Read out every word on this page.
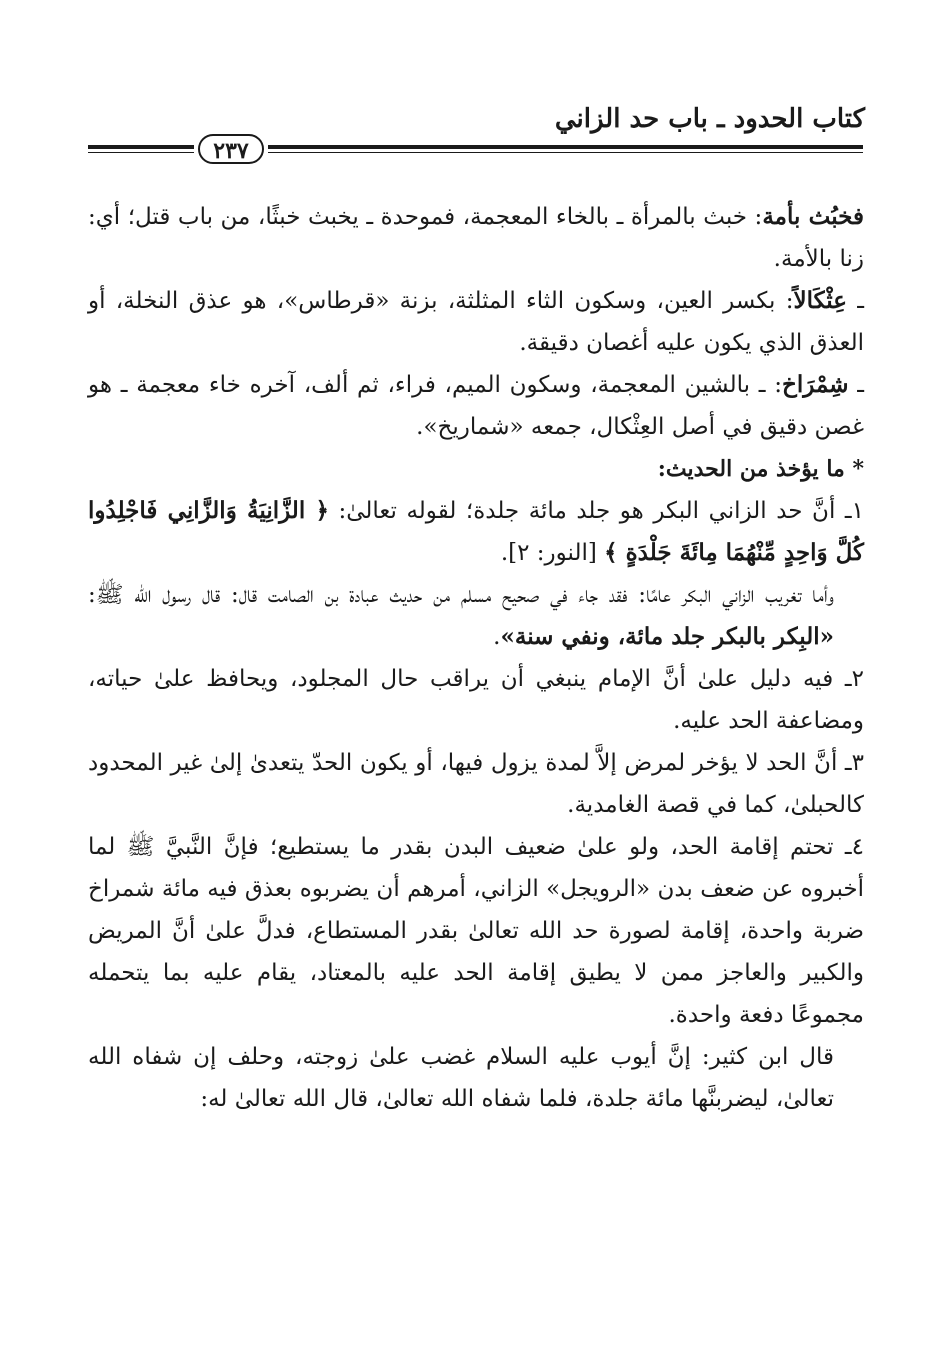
كتاب الحدود ـ باب حد الزاني
٢٣٧

فخبُث بأمة: خبث بالمرأة ـ بالخاء المعجمة، فموحدة ـ يخبث خبثًا، من باب قتل؛ أي: زنا بالأمة.

ـ عِثْكَالاً: بكسر العين، وسكون الثاء المثلثة، بزنة «قرطاس»، هو عذق النخلة، أو العذق الذي يكون عليه أغصان دقيقة.

ـ شِمْرَاخ: ـ بالشين المعجمة، وسكون الميم، فراء، ثم ألف، آخره خاء معجمة ـ هو غصن دقيق في أصل العِثْكال، جمعه «شماريخ».

* ما يؤخذ من الحديث:

١ـ أنَّ حد الزاني البكر هو جلد مائة جلدة؛ لقوله تعالىٰ: ﴿ الزَّانِيَةُ وَالزَّانِي فَاجْلِدُوا كُلَّ وَاحِدٍ مِّنْهُمَا مِائَةَ جَلْدَةٍ ﴾ [النور: ٢].

وأما تغريب الزاني البكر عامًا: فقد جاء في صحيح مسلم من حديث عبادة بن الصامت قال: قال رسول الله ﷺ: «البِكر بالبكر جلد مائة، ونفي سنة».

٢ـ فيه دليل علىٰ أنَّ الإمام ينبغي أن يراقب حال المجلود، ويحافظ علىٰ حياته، ومضاعفة الحد عليه.

٣ـ أنَّ الحد لا يؤخر لمرض إلاَّ لمدة يزول فيها، أو يكون الحدّ يتعدىٰ إلىٰ غير المحدود كالحبلىٰ، كما في قصة الغامدية.

٤ـ تحتم إقامة الحد، ولو علىٰ ضعيف البدن بقدر ما يستطيع؛ فإنَّ النَّبيَّ ﷺ لما أخبروه عن ضعف بدن «الرويجل» الزاني، أمرهم أن يضربوه بعذق فيه مائة شمراخ ضربة واحدة، إقامة لصورة حد الله تعالىٰ بقدر المستطاع، فدلَّ علىٰ أنَّ المريض والكبير والعاجز ممن لا يطيق إقامة الحد عليه بالمعتاد، يقام عليه بما يتحمله مجموعًا دفعة واحدة.

قال ابن كثير: إنَّ أيوب عليه السلام غضب علىٰ زوجته، وحلف إن شفاه الله تعالىٰ، ليضربنَّها مائة جلدة، فلما شفاه الله تعالىٰ، قال الله تعالىٰ له:
